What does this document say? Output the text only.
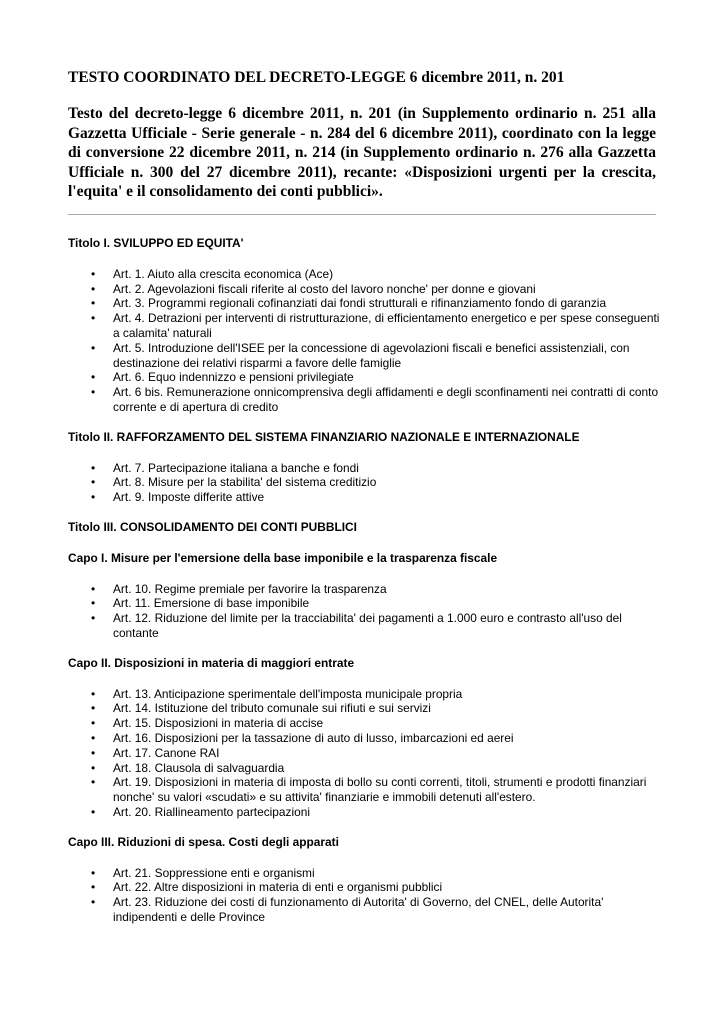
TESTO COORDINATO DEL DECRETO-LEGGE 6 dicembre 2011, n. 201

Testo del decreto-legge 6 dicembre 2011, n. 201 (in Supplemento ordinario n. 251 alla Gazzetta Ufficiale - Serie generale - n. 284 del 6 dicembre 2011), coordinato con la legge di conversione 22 dicembre 2011, n. 214 (in Supplemento ordinario n. 276 alla Gazzetta Ufficiale n. 300 del 27 dicembre 2011), recante: «Disposizioni urgenti per la crescita, l'equita' e il consolidamento dei conti pubblici».

Titolo I. SVILUPPO ED EQUITA'

• Art. 1. Aiuto alla crescita economica (Ace)
• Art. 2. Agevolazioni fiscali riferite al costo del lavoro nonche' per donne e giovani
• Art. 3. Programmi regionali cofinanziati dai fondi strutturali e rifinanziamento fondo di garanzia
• Art. 4. Detrazioni per interventi di ristrutturazione, di efficientamento energetico e per spese conseguenti a calamita' naturali
• Art. 5. Introduzione dell'ISEE per la concessione di agevolazioni fiscali e benefici assistenziali, con destinazione dei relativi risparmi a favore delle famiglie
• Art. 6. Equo indennizzo e pensioni privilegiate
• Art. 6 bis. Remunerazione onnicomprensiva degli affidamenti e degli sconfinamenti nei contratti di conto corrente e di apertura di credito

Titolo II. RAFFORZAMENTO DEL SISTEMA FINANZIARIO NAZIONALE E INTERNAZIONALE

• Art. 7. Partecipazione italiana a banche e fondi
• Art. 8. Misure per la stabilita' del sistema creditizio
• Art. 9. Imposte differite attive

Titolo III. CONSOLIDAMENTO DEI CONTI PUBBLICI

Capo I. Misure per l'emersione della base imponibile e la trasparenza fiscale

• Art. 10. Regime premiale per favorire la trasparenza
• Art. 11. Emersione di base imponibile
• Art. 12. Riduzione del limite per la tracciabilita' dei pagamenti a 1.000 euro e contrasto all'uso del contante

Capo II. Disposizioni in materia di maggiori entrate

• Art. 13. Anticipazione sperimentale dell'imposta municipale propria
• Art. 14. Istituzione del tributo comunale sui rifiuti e sui servizi
• Art. 15. Disposizioni in materia di accise
• Art. 16. Disposizioni per la tassazione di auto di lusso, imbarcazioni ed aerei
• Art. 17. Canone RAI
• Art. 18. Clausola di salvaguardia
• Art. 19. Disposizioni in materia di imposta di bollo su conti correnti, titoli, strumenti e prodotti finanziari nonche' su valori «scudati» e su attivita' finanziarie e immobili detenuti all'estero.
• Art. 20. Riallineamento partecipazioni

Capo III. Riduzioni di spesa. Costi degli apparati

• Art. 21. Soppressione enti e organismi
• Art. 22. Altre disposizioni in materia di enti e organismi pubblici
• Art. 23. Riduzione dei costi di funzionamento di Autorita' di Governo, del CNEL, delle Autorita' indipendenti e delle Province
